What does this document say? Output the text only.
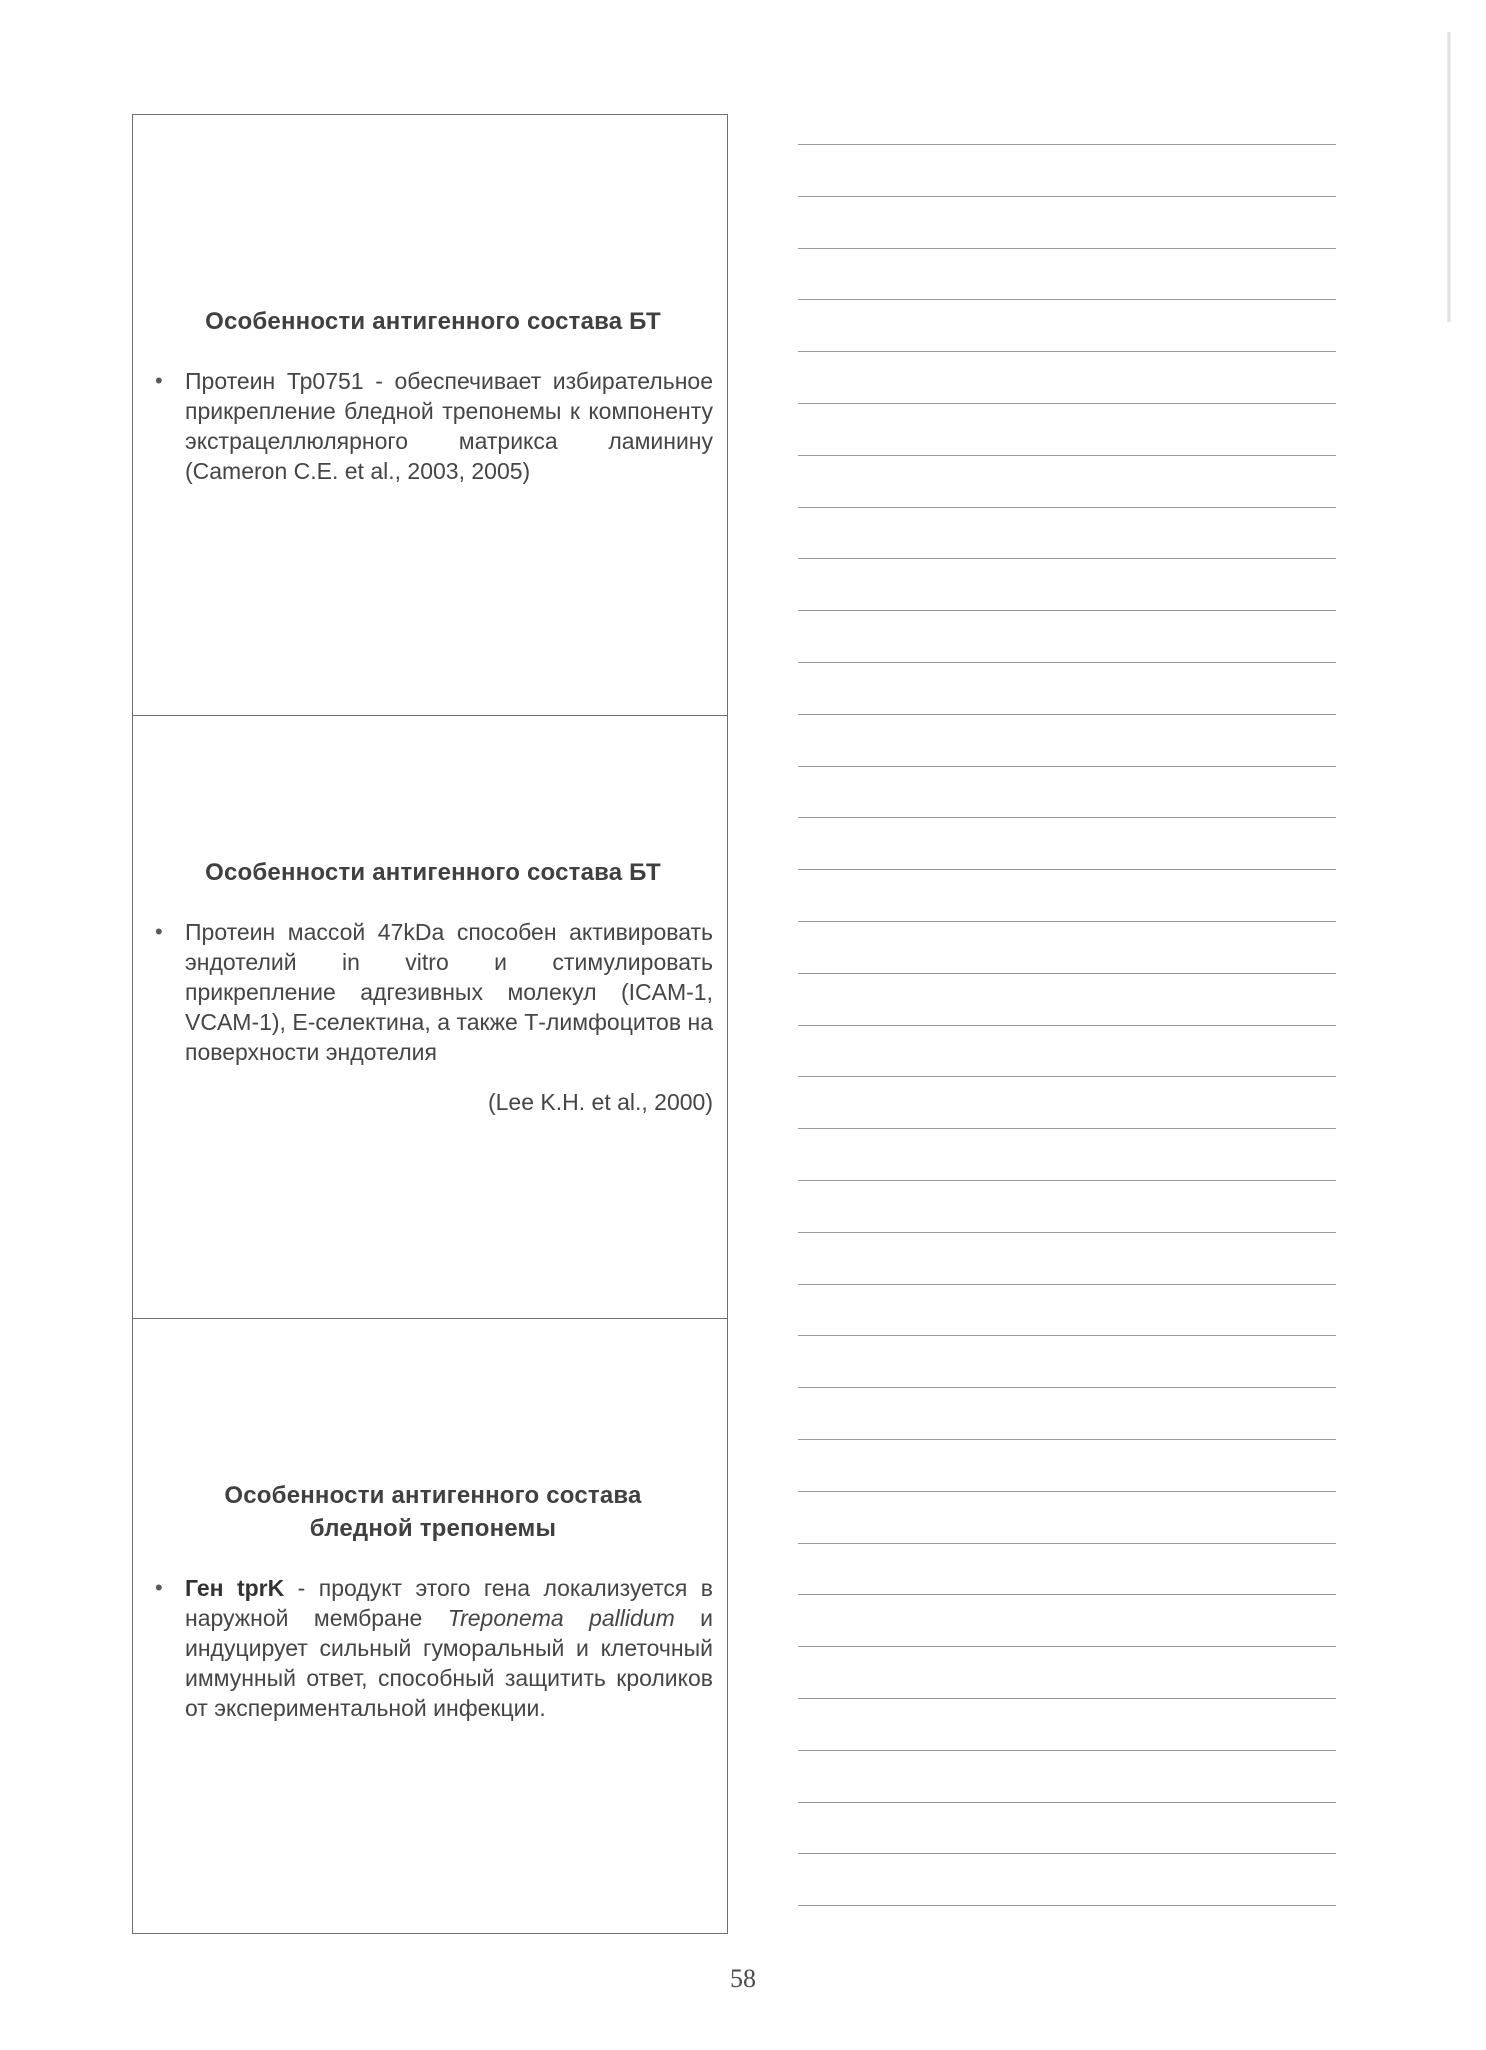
Особенности антигенного состава БТ
• Протеин Тр0751 - обеспечивает избирательное прикрепление бледной трепонемы к компоненту экстрацеллюлярного матрикса ламинину (Cameron C.E. et al., 2003, 2005)
Особенности антигенного состава БТ
• Протеин массой 47kDa способен активировать эндотелий in vitro и стимулировать прикрепление адгезивных молекул (ICAM-1, VCAM-1), Е-селектина, а также Т-лимфоцитов на поверхности эндотелия
(Lee K.H. et al., 2000)
Особенности антигенного состава бледной трепонемы
• Ген tprK - продукт этого гена локализуется в наружной мембране Treponema pallidum и индуцирует сильный гуморальный и клеточный иммунный ответ, способный защитить кроликов от экспериментальной инфекции.
58
